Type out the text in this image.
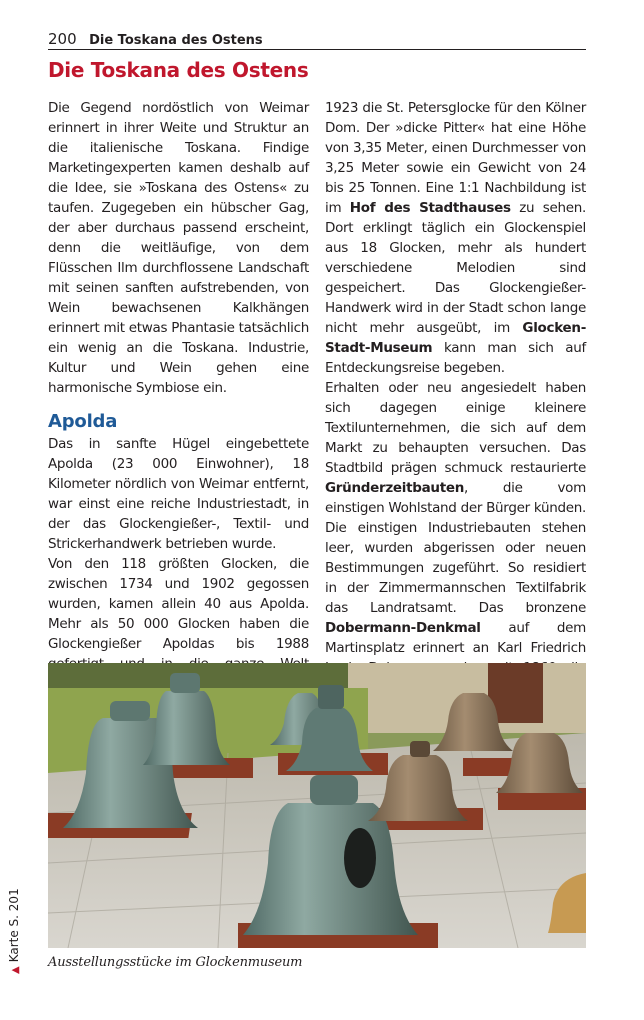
200 Die Toskana des Ostens
Die Toskana des Ostens

Die Gegend nordöstlich von Weimar erinnert in ihrer Weite und Struktur an die italienische Toskana. Findige Marketingexperten kamen deshalb auf die Idee, sie »Toskana des Ostens« zu taufen. Zugegeben ein hübscher Gag, der aber durchaus passend erscheint, denn die weitläufige, von dem Flüsschen Ilm durchflossene Landschaft mit seinen sanften aufstrebenden, von Wein bewachsenen Kalkhängen erinnert mit etwas Phantasie tatsächlich ein wenig an die Toskana. Industrie, Kultur und Wein gehen eine harmonische Symbiose ein.

Apolda

Das in sanfte Hügel eingebettete Apolda (23 000 Einwohner), 18 Kilometer nördlich von Weimar entfernt, war einst eine reiche Industriestadt, in der das Glockengießer-, Textil- und Strickerhandwerk betrieben wurde.

Von den 118 größten Glocken, die zwischen 1734 und 1902 gegossen wurden, kamen allein 40 aus Apolda. Mehr als 50 000 Glocken haben die Glockengießer Apoldas bis 1988

1923 die St. Petersglocke für den Kölner Dom. Der »dicke Pitter« hat eine Höhe von 3,35 Meter, einen Durchmesser von 3,25 Meter sowie ein Gewicht von 24 bis 25 Tonnen. Eine 1:1 Nachbildung ist im Hof des Stadthauses zu sehen. Dort erklingt täglich ein Glockenspiel aus 18 Glocken, mehr als hundert verschiedene Melodien sind gespeichert. Das Glockengießer-Handwerk wird in der Stadt schon lange nicht mehr ausgeübt, im Glocken-Stadt-Museum kann man sich auf Entdeckungsreise begeben.

Erhalten oder neu angesiedelt haben sich dagegen einige kleinere Textilunternehmen, die sich auf dem Markt zu behaupten versuchen. Das Stadtbild prägen schmuck restaurierte Gründerzeitbauten, die vom einstigen Wohlstand der Bürger künden. Die einstigen Industriebauten stehen leer, wurden abgerissen oder neuen Bestimmungen zugeführt. So residiert in der Zimmermannschen Textilfabrik das Landratsamt. Das bronzene Dobermann-Denkmal auf dem Martinsplatz erinnert an Karl Friedrich

Ausstellungsstücke im Glockenmuseum
▲Karte S. 201
